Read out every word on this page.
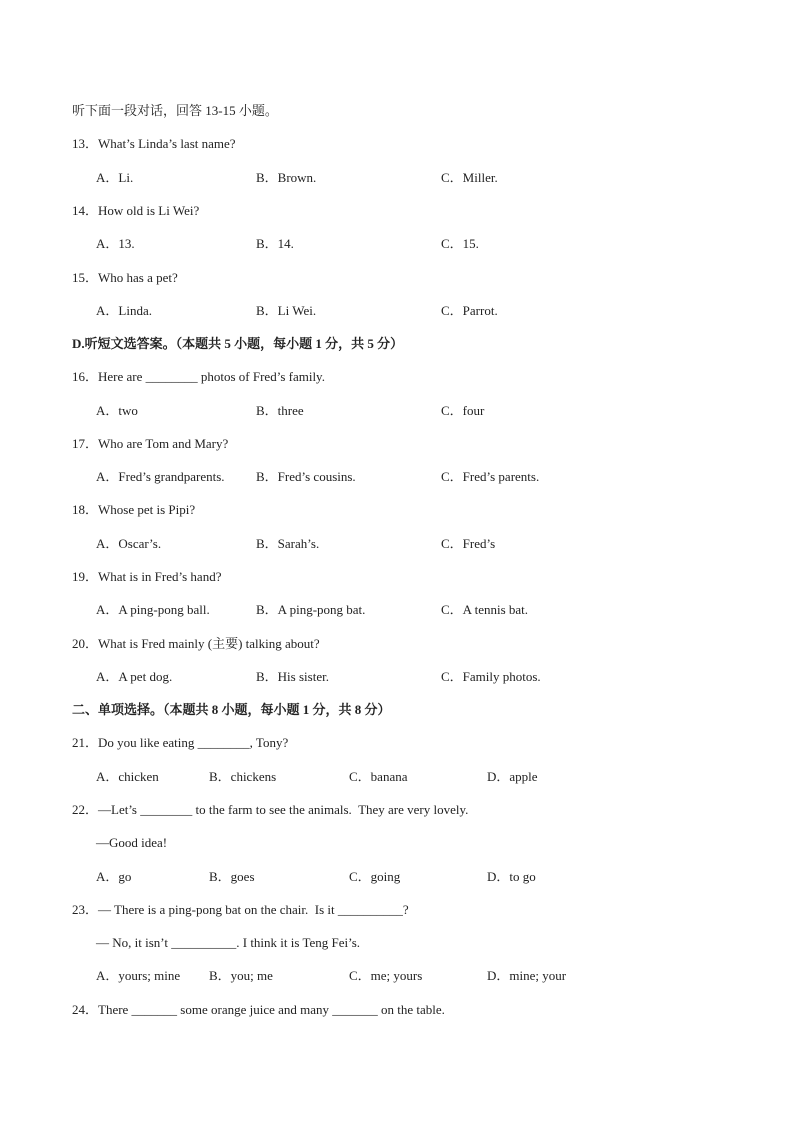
听下面一段对话，回答 13-15 小题。
13．What’s Linda’s last name?
A．Li.	B．Brown.	C．Miller.
14．How old is Li Wei?
A．13.	B．14.	C．15.
15．Who has a pet?
A．Linda.	B．Li Wei.	C．Parrot.
D.听短文选答案。（本题共 5 小题，每小题 1 分，共 5 分）
16．Here are ________ photos of Fred’s family.
A．two	B．three	C．four
17．Who are Tom and Mary?
A．Fred’s grandparents. B．Fred’s cousins.	C．Fred’s parents.
18．Whose pet is Pipi?
A．Oscar’s.	B．Sarah’s.	C．Fred’s
19．What is in Fred’s hand?
A．A ping-pong ball.	B．A ping-pong bat.	C．A tennis bat.
20．What is Fred mainly (主要) talking about?
A．A pet dog.	B．His sister.	C．Family photos.
二、单项选择。（本题共 8 小题，每小题 1 分，共 8 分）
21．Do you like eating ________, Tony?
A．chicken	B．chickens	C．banana	D．apple
22．—Let’s ________ to the farm to see the animals.  They are very lovely.
—Good idea!
A．go	B．goes	C．going	D．to go
23．— There is a ping-pong bat on the chair.  Is it __________?
— No, it isn’t __________. I think it is Teng Fei’s.
A．yours; mine B．you; me	C．me; yours	D．mine; your
24．There _______ some orange juice and many _______ on the table.
